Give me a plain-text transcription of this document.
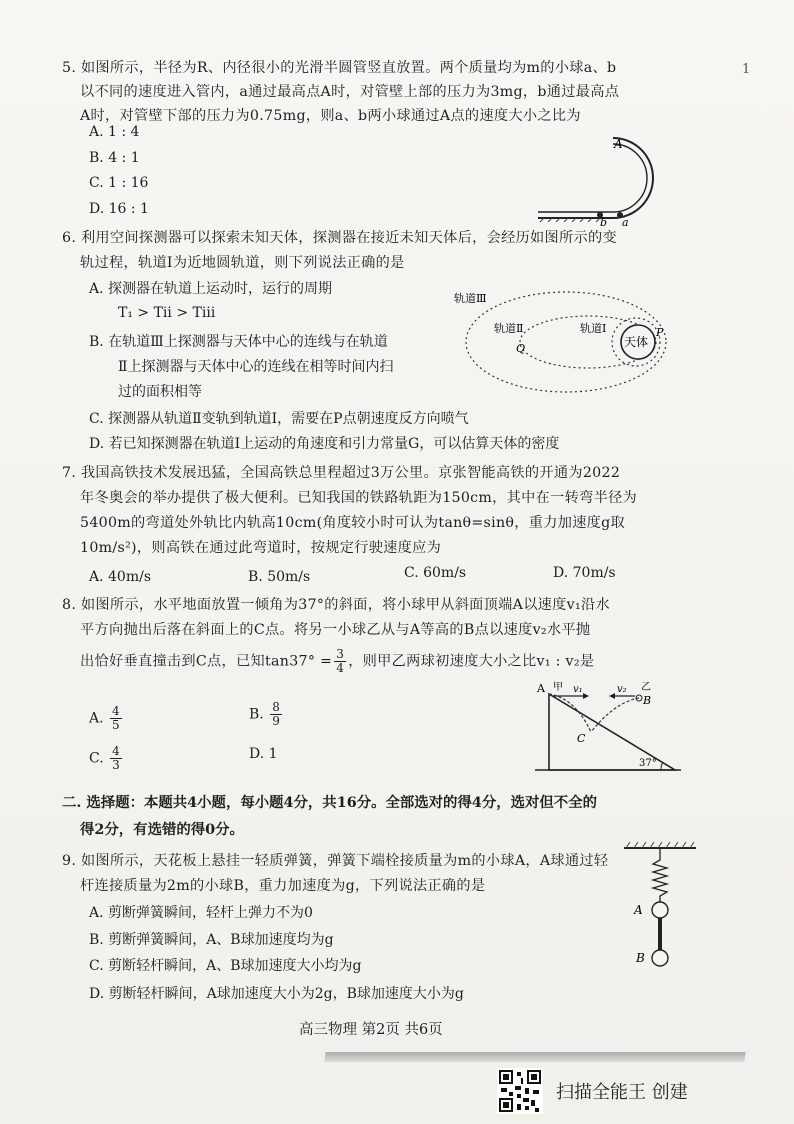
1
5. 如图所示，半径为R、内径很小的光滑半圆管竖直放置。两个质量均为m的小球a、b
以不同的速度进入管内，a通过最高点A时，对管壁上部的压力为3mg，b通过最高点
A时，对管壁下部的压力为0.75mg，则a、b两小球通过A点的速度大小之比为
A. 1 : 4
B. 4 : 1
C. 1 : 16
D. 16 : 1
A
b a
6. 利用空间探测器可以探索未知天体，探测器在接近未知天体后，会经历如图所示的变
轨过程，轨道Ⅰ为近地圆轨道，则下列说法正确的是
A. 探测器在轨道上运动时，运行的周期
T₁ > Tⅱ > Tⅲ
B. 在轨道Ⅲ上探测器与天体中心的连线与在轨道
Ⅱ上探测器与天体中心的连线在相等时间内扫
过的面积相等
C. 探测器从轨道Ⅱ变轨到轨道Ⅰ，需要在P点朝速度反方向喷气
D. 若已知探测器在轨道Ⅰ上运动的角速度和引力常量G，可以估算天体的密度
天体
P
Q
轨道Ⅲ
轨道Ⅱ	轨道Ⅰ
7. 我国高铁技术发展迅猛，全国高铁总里程超过3万公里。京张智能高铁的开通为2022
年冬奥会的举办提供了极大便利。已知我国的铁路轨距为150cm，其中在一转弯半径为
5400m的弯道处外轨比内轨高10cm(角度较小时可认为tanθ=sinθ，重力加速度g取
10m/s²)，则高铁在通过此弯道时，按规定行驶速度应为
A. 40m/s	B. 50m/s	C. 60m/s	D. 70m/s
8. 如图所示，水平地面放置一倾角为37°的斜面，将小球甲从斜面顶端A以速度v₁沿水
平方向抛出后落在斜面上的C点。将另一小球乙从与A等高的B点以速度v₂水平抛
出恰好垂直撞击到C点，已知$\tan 37^\circ = \frac{3}{4}$ ，则甲乙两球初速度大小之比v₁ : v₂是
A. $\frac{4}{5}$	B. $\frac{8}{9}$
C. $\frac{4}{3}$	D. 1
A 甲 v₁	v₂ 乙
B
C
37°
二. 选择题：本题共4小题，每小题4分，共16分。全部选对的得4分，选对但不全的
得2分，有选错的得0分。
9. 如图所示，天花板上悬挂一轻质弹簧，弹簧下端栓接质量为m的小球A，A球通过轻
杆连接质量为2m的小球B，重力加速度为g，下列说法正确的是
A. 剪断弹簧瞬间，轻杆上弹力不为0
B. 剪断弹簧瞬间，A、B球加速度均为g
C. 剪断轻杆瞬间，A、B球加速度大小均为g
D. 剪断轻杆瞬间，A球加速度大小为2g，B球加速度大小为g
A
B
高三物理 第2页 共6页
扫描全能王 创建
